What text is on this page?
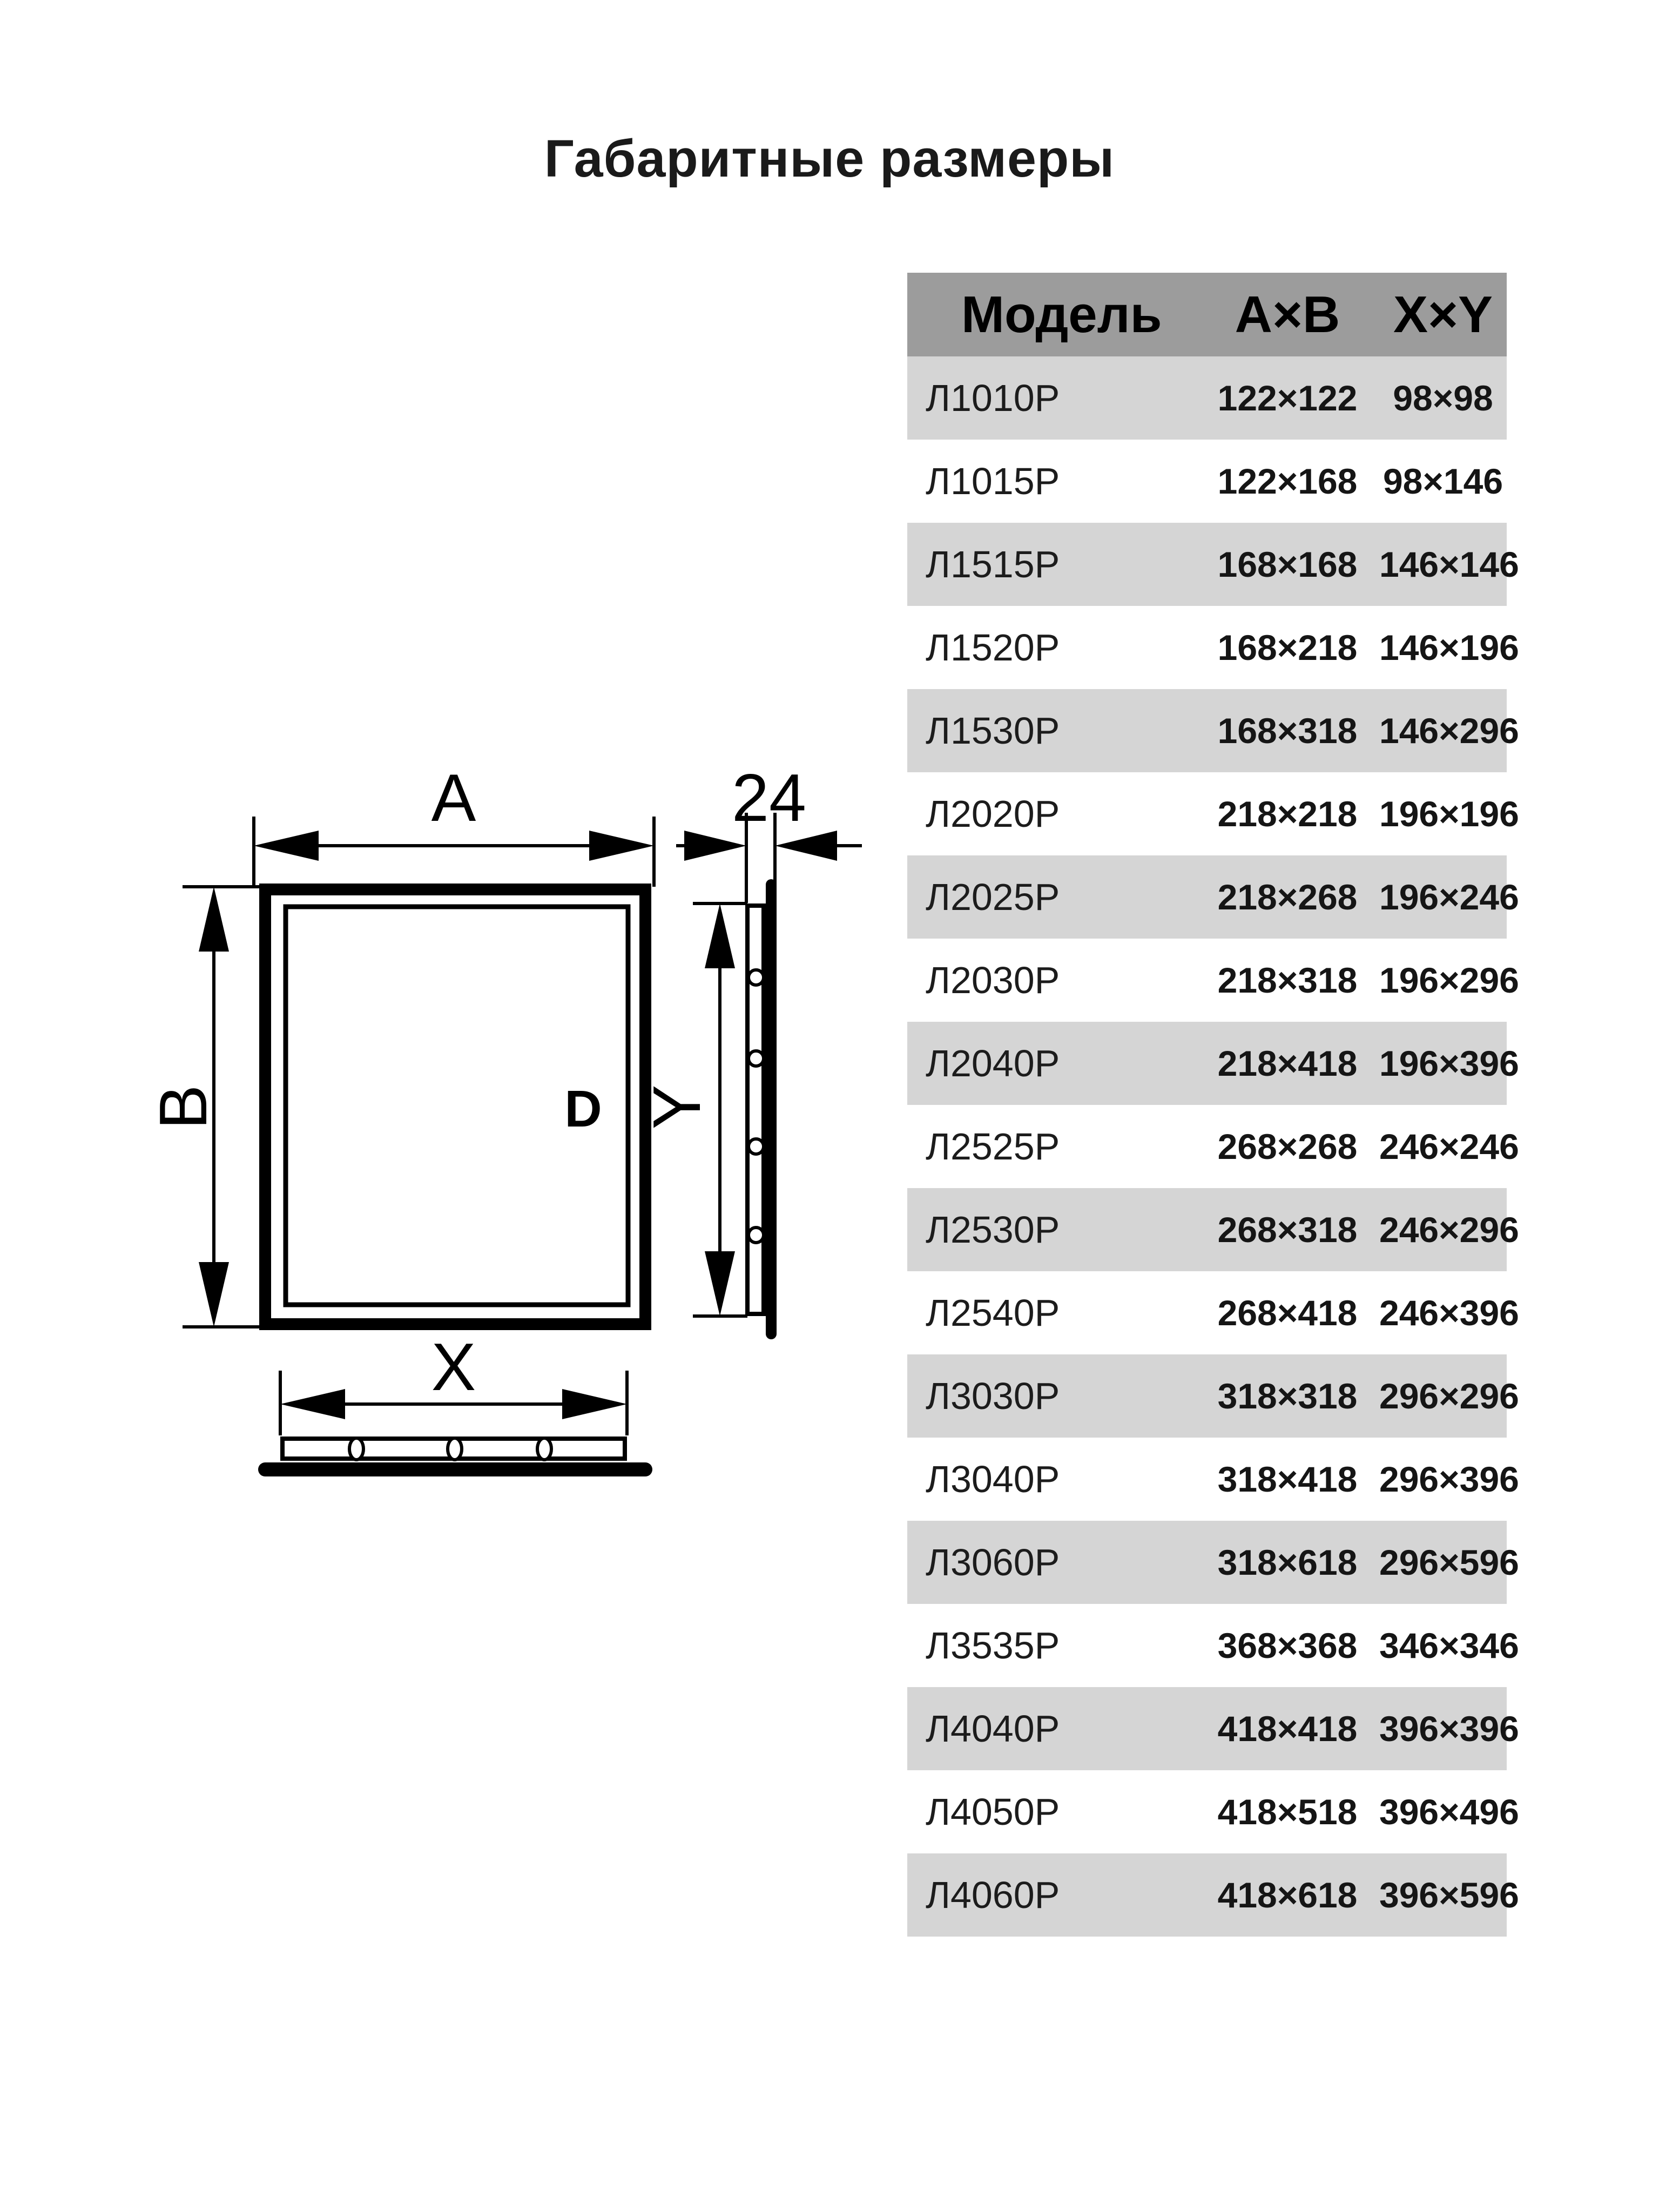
Габаритные размеры
A	24
D
B	Y
X
Модель	A×B	X×Y
Л1010Р	122×122 98×98
Л1015Р	122×168 98×146
Л1515Р	168×168 146×146
Л1520Р	168×218 146×196
Л1530Р	168×318 146×296
Л2020Р	218×218 196×196
Л2025Р	218×268 196×246
Л2030Р	218×318 196×296
Л2040Р	218×418 196×396
Л2525Р	268×268 246×246
Л2530Р	268×318 246×296
Л2540Р	268×418 246×396
Л3030Р	318×318 296×296
Л3040Р	318×418 296×396
Л3060Р	318×618 296×596
Л3535Р	368×368 346×346
Л4040Р	418×418 396×396
Л4050Р	418×518 396×496
Л4060Р	418×618 396×596
